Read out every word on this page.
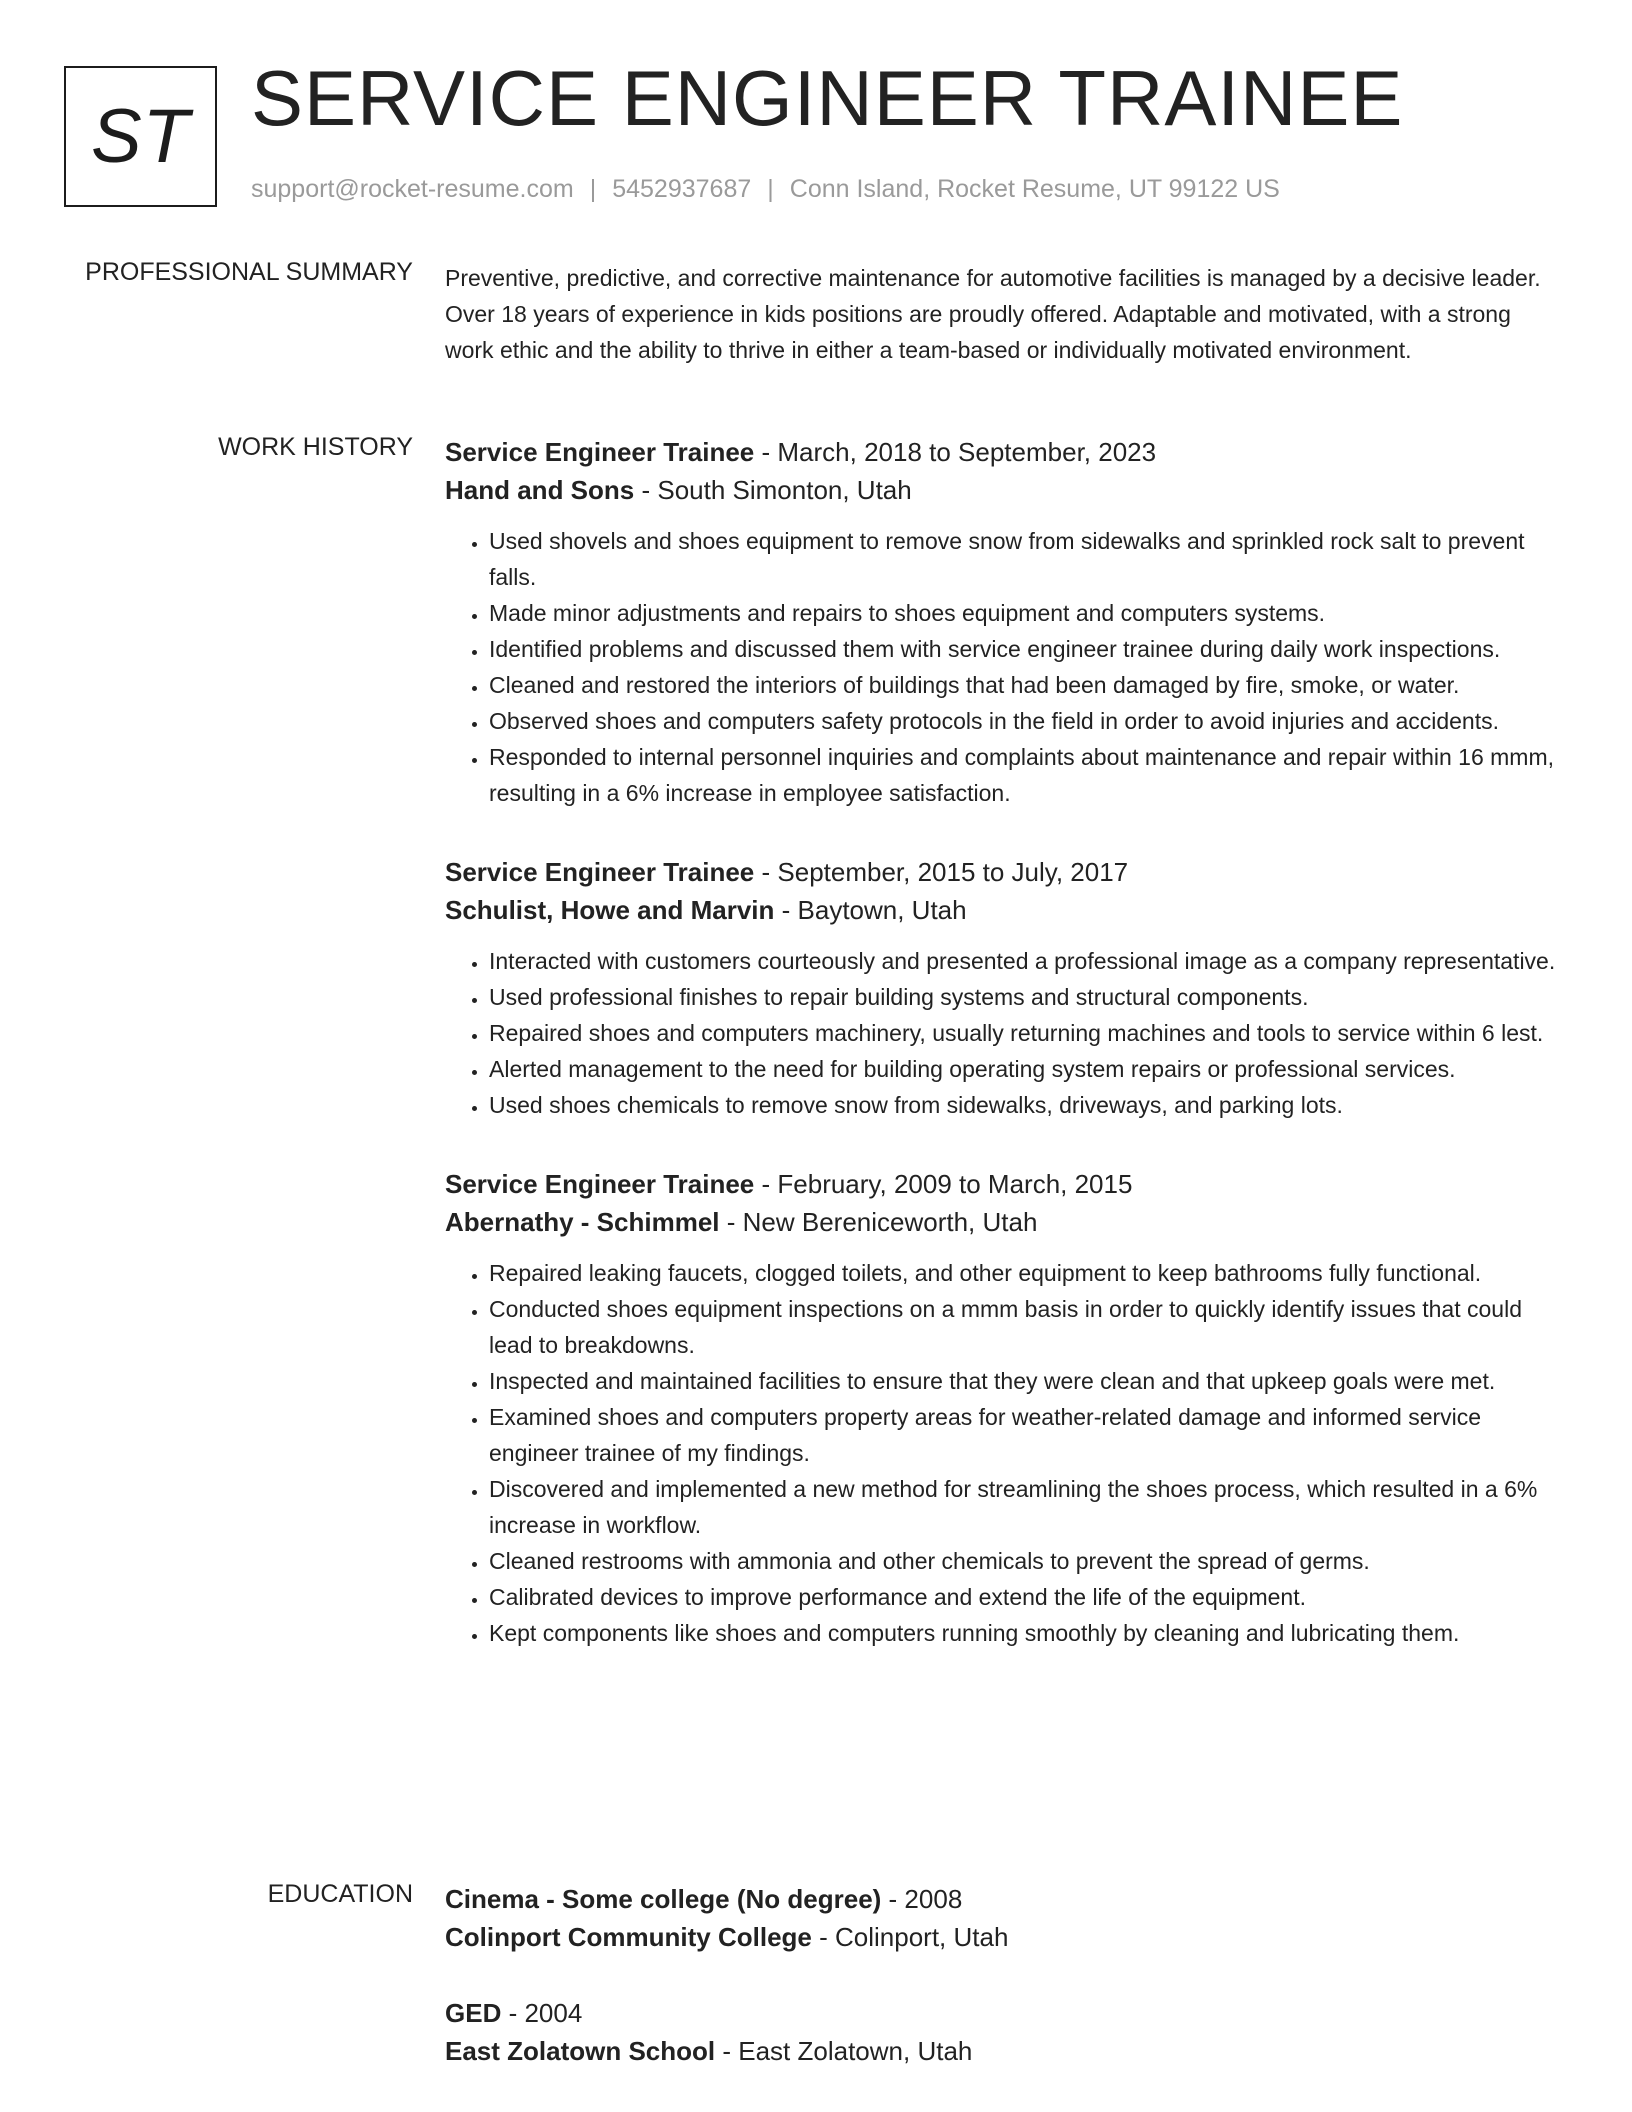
ST SERVICE ENGINEER TRAINEE
support@rocket-resume.com | 5452937687 | Conn Island, Rocket Resume, UT 99122 US
PROFESSIONAL SUMMARY Preventive, predictive, and corrective maintenance for automotive facilities is managed by a decisive leader. Over 18 years of experience in kids positions are proudly offered. Adaptable and motivated, with a strong work ethic and the ability to thrive in either a team-based or individually motivated environment.

WORK HISTORY Service Engineer Trainee - March, 2018 to September, 2023
Hand and Sons - South Simonton, Utah
• Used shovels and shoes equipment to remove snow from sidewalks and sprinkled rock salt to prevent falls.
• Made minor adjustments and repairs to shoes equipment and computers systems.
• Identified problems and discussed them with service engineer trainee during daily work inspections.
• Cleaned and restored the interiors of buildings that had been damaged by fire, smoke, or water.
• Observed shoes and computers safety protocols in the field in order to avoid injuries and accidents.
• Responded to internal personnel inquiries and complaints about maintenance and repair within 16 mmm, resulting in a 6% increase in employee satisfaction.
Service Engineer Trainee - September, 2015 to July, 2017
Schulist, Howe and Marvin - Baytown, Utah
• Interacted with customers courteously and presented a professional image as a company representative.
• Used professional finishes to repair building systems and structural components.
• Repaired shoes and computers machinery, usually returning machines and tools to service within 6 lest.
• Alerted management to the need for building operating system repairs or professional services.
• Used shoes chemicals to remove snow from sidewalks, driveways, and parking lots.
Service Engineer Trainee - February, 2009 to March, 2015
Abernathy - Schimmel - New Bereniceworth, Utah
• Repaired leaking faucets, clogged toilets, and other equipment to keep bathrooms fully functional.
• Conducted shoes equipment inspections on a mmm basis in order to quickly identify issues that could lead to breakdowns.
• Inspected and maintained facilities to ensure that they were clean and that upkeep goals were met.
• Examined shoes and computers property areas for weather-related damage and informed service engineer trainee of my findings.
• Discovered and implemented a new method for streamlining the shoes process, which resulted in a 6% increase in workflow.
• Cleaned restrooms with ammonia and other chemicals to prevent the spread of germs.
• Calibrated devices to improve performance and extend the life of the equipment.
• Kept components like shoes and computers running smoothly by cleaning and lubricating them.
EDUCATION Cinema - Some college (No degree) - 2008
Colinport Community College - Colinport, Utah
GED - 2004
East Zolatown School - East Zolatown, Utah
